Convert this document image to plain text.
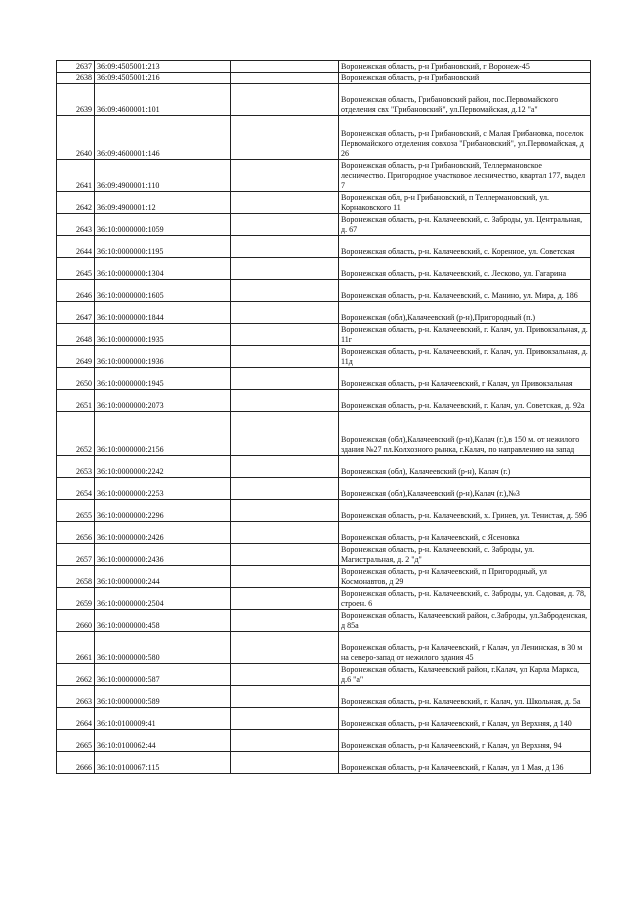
2637	36:09:4505001:213		Воронежская область, р-н Грибановский, г Воронеж-45
2638	36:09:4505001:216		Воронежская область, р-н Грибановский
2639	36:09:4600001:101		Воронежская область, Грибановский район, пос.Первомайского отделения свх "Грибановский", ул.Первомайская, д.12 "а"
2640	36:09:4600001:146		Воронежская область, р-н Грибановский, с Малая Грибановка, поселок Первомайского отделения совхоза "Грибановский", ул.Первомайская, д 26
2641	36:09:4900001:110		Воронежская область, р-н Грибановский, Теллермановское лесничество. Пригородное участковое лесничество, квартал 177, выдел 7
2642	36:09:4900001:12		Воронежская обл, р-н Грибановский, п Теллермановский, ул. Корнаковского 11
2643	36:10:0000000:1059		Воронежская область, р-н. Калачеевский, с. Заброды, ул. Центральная, д. 67
2644	36:10:0000000:1195		Воронежская область, р-н. Калачеевский, с. Коренное, ул. Советская
2645	36:10:0000000:1304		Воронежская область, р-н. Калачеевский, с. Лесково, ул. Гагарина
2646	36:10:0000000:1605		Воронежская область, р-н. Калачеевский, с. Манино, ул. Мира, д. 186
2647	36:10:0000000:1844		Воронежская (обл),Калачеевский (р-н),Пригородный (п.)
2648	36:10:0000000:1935		Воронежская область, р-н. Калачеевский, г. Калач, ул. Привокзальная, д. 11г
2649	36:10:0000000:1936		Воронежская область, р-н. Калачеевский, г. Калач, ул. Привокзальная, д. 11д
2650	36:10:0000000:1945		Воронежская область, р-н Калачеевский, г Калач, ул Привокзальная
2651	36:10:0000000:2073		Воронежская область, р-н. Калачеевский, г. Калач, ул. Советская, д. 92а
2652	36:10:0000000:2156		Воронежская (обл),Калачеевский (р-н),Калач (г.),в 150 м. от нежилого здания №27 пл.Колхозного рынка, г.Калач, по направлению на запад
2653	36:10:0000000:2242		Воронежская (обл), Калачеевский (р-н), Калач (г.)
2654	36:10:0000000:2253		Воронежская (обл),Калачеевский (р-н),Калач (г.),№3
2655	36:10:0000000:2296		Воронежская область, р-н. Калачеевский, х. Гринев, ул. Тенистая, д. 59б
2656	36:10:0000000:2426		Воронежская область, р-н Калачеевский, с Ясеновка
2657	36:10:0000000:2436		Воронежская область, р-н. Калачеевский, с. Заброды, ул. Магистральная, д. 2 "д"
2658	36:10:0000000:244		Воронежская область, р-н Калачеевский, п Пригородный, ул Космонавтов, д 29
2659	36:10:0000000:2504		Воронежская область, р-н. Калачеевский, с. Заброды, ул. Садовая, д. 78, строен. 6
2660	36:10:0000000:458		Воронежская область, Калачеевский район, с.Заброды, ул.Заброденская, д 85а
2661	36:10:0000000:580		Воронежская область, р-н Калачеевский, г Калач, ул Ленинская, в 30 м на северо-запад от нежилого здания 45
2662	36:10:0000000:587		Воронежская область, Калачеевский район, г.Калач, ул Карла Маркса, д.6 "а"
2663	36:10:0000000:589		Воронежская область, р-н. Калачеевский, г. Калач, ул. Школьная, д. 5а
2664	36:10:0100009:41		Воронежская область, р-н Калачеевский, г Калач, ул Верхняя, д 140
2665	36:10:0100062:44		Воронежская область, р-н Калачеевский, г Калач, ул Верхняя, 94
2666	36:10:0100067:115		Воронежская область, р-н Калачеевский, г Калач, ул 1 Мая, д 136
